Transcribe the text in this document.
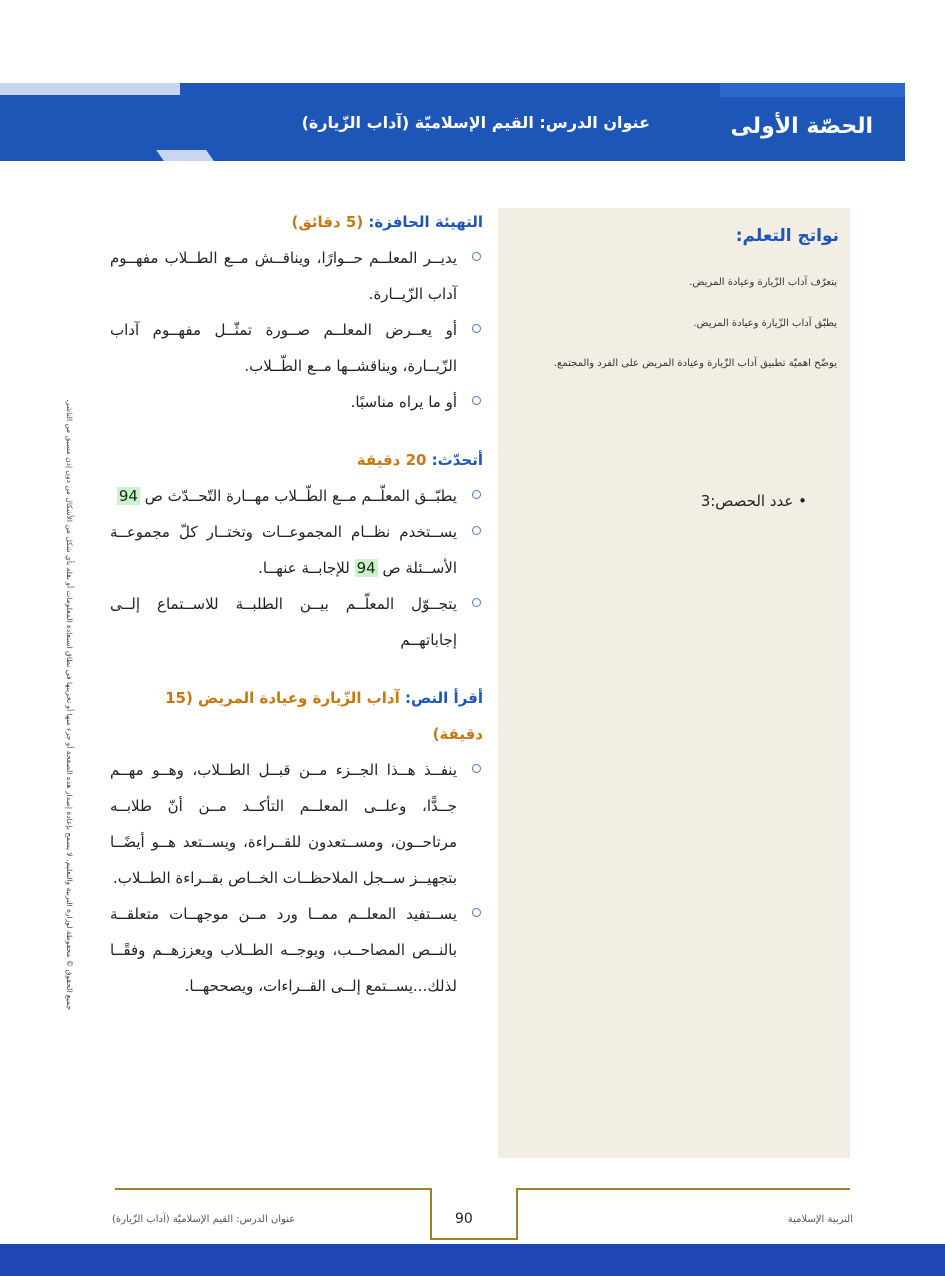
الحصّة الأولى
عنوان الدرس: القيم الإسلاميّة (آداب الزّيارة)
جميع الحقوق © محفوظة لوزارة التربية والتعليم. لا يسمح بإعادة إصدار هذه الصفحة أو جزء منها أو تخزينها في نطاق استعادة المعلومات أو نقله بأي شكل من الأشكال من دون إذن مسبق من الناشر.
نواتج التعلم:
يتعرّف آداب الزّيارة وعيادة المريض.
يطبّق آداب الزّيارة وعيادة المريض.
يوضّح اهميّة تطبيق آداب الزّيارة وعيادة المريض على الفرد والمجتمع.
• عدد الحصص:3
التهيئة الحافزة: (5 دقائق)
يديــر المعلــم حــوارًا، ويناقــش مــع الطــلاب مفهــوم آداب الزّيــارة.
أو يعــرض المعلــم صــورة تمثّــل مفهــوم آداب الزّيــارة، ويناقشــها مــع الطّــلاب.
أو ما يراه مناسبًا.
أتحدّث: 20 دقيقة
يطبّــق المعلّــم مــع الطّــلاب مهــارة التّحــدّث ص 94
يســتخدم نظــام المجموعــات وتختــار كلّ مجموعــة الأســئلة ص 94 للإجابــة عنهــا.
يتجــوّل المعلّــم بيــن الطلبــة للاســتماع إلــى إجاباتهــم
أقرأ النص: آداب الزّيارة وعيادة المريض (15 دقيقة)
ينفــذ هــذا الجــزء مــن قبــل الطــلاب، وهــو مهــم جــدًّا، وعلــى المعلــم التأكــد مــن أنّ طلابــه مرتاحــون، ومســتعدون للقــراءة، ويســتعد هــو أيضًــا بتجهيــز ســجل الملاحظــات الخــاص بقــراءة الطــلاب.
يســتفيد المعلــم ممــا ورد مــن موجهــات متعلقــة بالنــص المصاحــب، ويوجــه الطــلاب ويعززهــم وفقًــا لذلك...يســتمع إلــى القــراءات، ويصححهــا.
90
عنوان الدرس: القيم الإسلاميّة (آداب الزّيارة)	التربية الإسلامية
